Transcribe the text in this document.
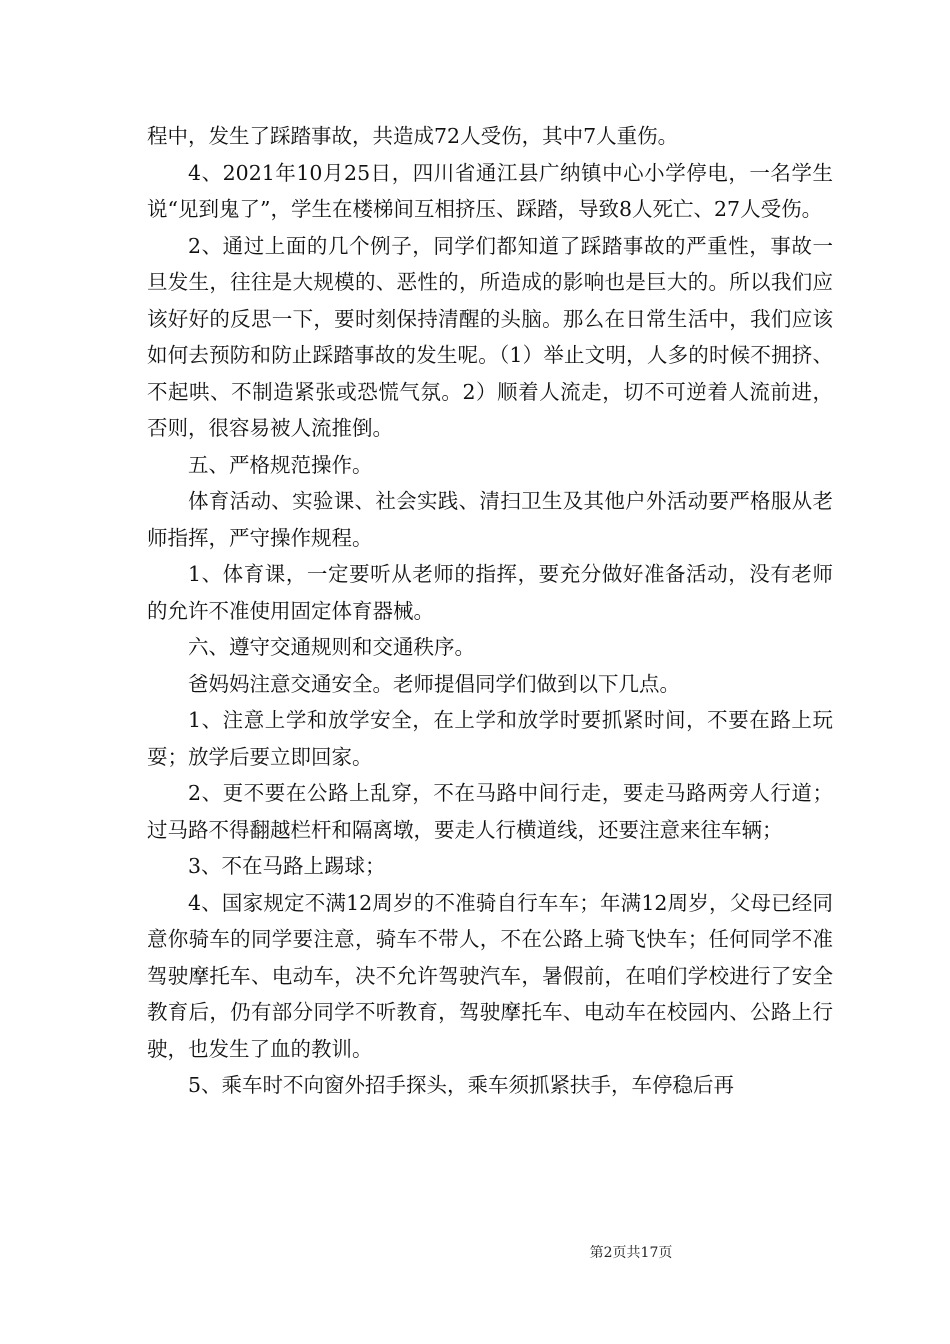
程中，发生了踩踏事故，共造成72人受伤，其中7人重伤。

4、2021年10月25日，四川省通江县广纳镇中心小学停电，一名学生说“见到鬼了”，学生在楼梯间互相挤压、踩踏，导致8人死亡、27人受伤。

2、通过上面的几个例子，同学们都知道了踩踏事故的严重性，事故一旦发生，往往是大规模的、恶性的，所造成的影响也是巨大的。所以我们应该好好的反思一下，要时刻保持清醒的头脑。那么在日常生活中，我们应该如何去预防和防止踩踏事故的发生呢。（1）举止文明，人多的时候不拥挤、不起哄、不制造紧张或恐慌气氛。2）顺着人流走，切不可逆着人流前进，否则，很容易被人流推倒。

五、严格规范操作。

体育活动、实验课、社会实践、清扫卫生及其他户外活动要严格服从老师指挥，严守操作规程。

1、体育课，一定要听从老师的指挥，要充分做好准备活动，没有老师的允许不准使用固定体育器械。

六、遵守交通规则和交通秩序。

爸妈妈注意交通安全。老师提倡同学们做到以下几点。

1、注意上学和放学安全，在上学和放学时要抓紧时间，不要在路上玩耍；放学后要立即回家。

2、更不要在公路上乱穿，不在马路中间行走，要走马路两旁人行道；过马路不得翻越栏杆和隔离墩，要走人行横道线，还要注意来往车辆；

3、不在马路上踢球；

4、国家规定不满12周岁的不准骑自行车车；年满12周岁，父母已经同意你骑车的同学要注意，骑车不带人，不在公路上骑飞快车；任何同学不准驾驶摩托车、电动车，决不允许驾驶汽车，暑假前，在咱们学校进行了安全教育后，仍有部分同学不听教育，驾驶摩托车、电动车在校园内、公路上行驶，也发生了血的教训。

5、乘车时不向窗外招手探头，乘车须抓紧扶手，车停稳后再

第2页共17页
